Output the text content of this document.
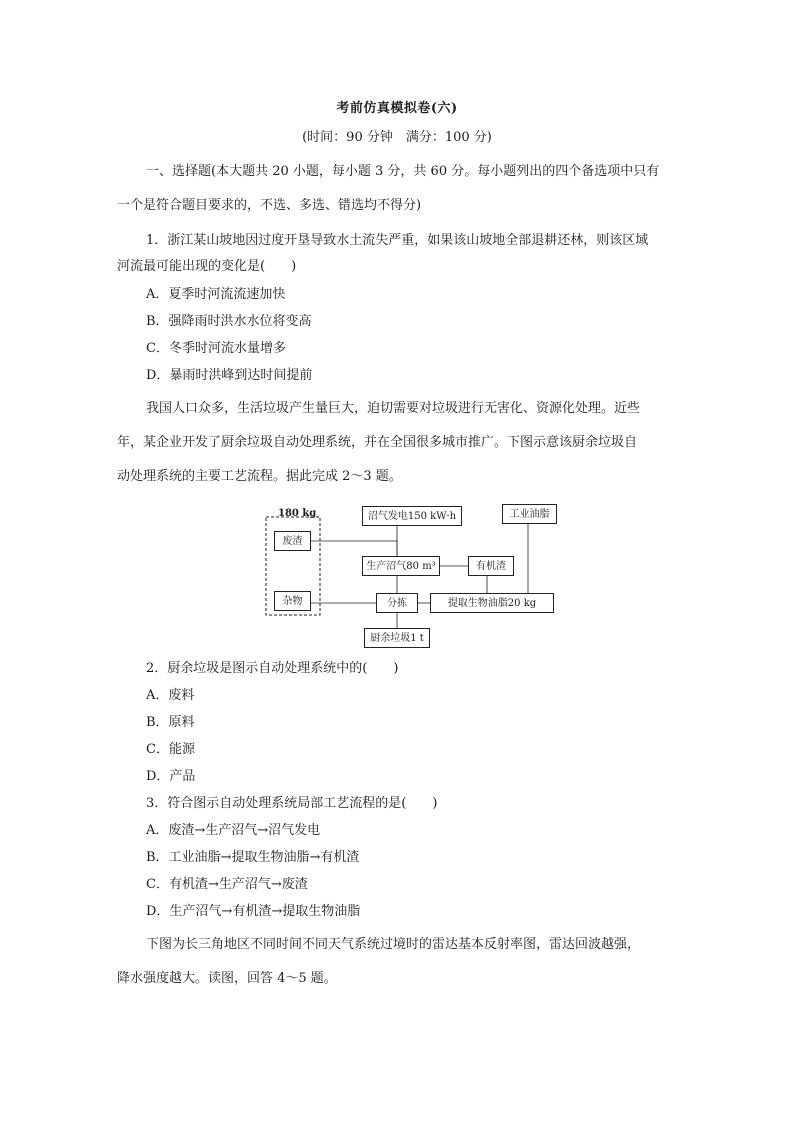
考前仿真模拟卷(六)
(时间：90 分钟　满分：100 分)
一、选择题(本大题共 20 小题，每小题 3 分，共 60 分。每小题列出的四个备选项中只有
一个是符合题目要求的，不选、多选、错选均不得分)
1．浙江某山坡地因过度开垦导致水土流失严重，如果该山坡地全部退耕还林，则该区域
河流最可能出现的变化是(　　)
A．夏季时河流流速加快
B．强降雨时洪水水位将变高
C．冬季时河流水量增多
D．暴雨时洪峰到达时间提前
我国人口众多，生活垃圾产生量巨大，迫切需要对垃圾进行无害化、资源化处理。近些
年，某企业开发了厨余垃圾自动处理系统，并在全国很多城市推广。下图示意该厨余垃圾自
动处理系统的主要工艺流程。据此完成 2～3 题。
180 kg
废渣
杂物
沼气发电150 kW·h	工业油脂
生产沼气80 m³	有机渣
分拣	提取生物油脂20 kg
厨余垃圾1 t
2．厨余垃圾是图示自动处理系统中的(　　)
A．废料
B．原料
C．能源
D．产品
3．符合图示自动处理系统局部工艺流程的是(　　)
A．废渣→生产沼气→沼气发电
B．工业油脂→提取生物油脂→有机渣
C．有机渣→生产沼气→废渣
D．生产沼气→有机渣→提取生物油脂
下图为长三角地区不同时间不同天气系统过境时的雷达基本反射率图，雷达回波越强，
降水强度越大。读图，回答 4～5 题。
